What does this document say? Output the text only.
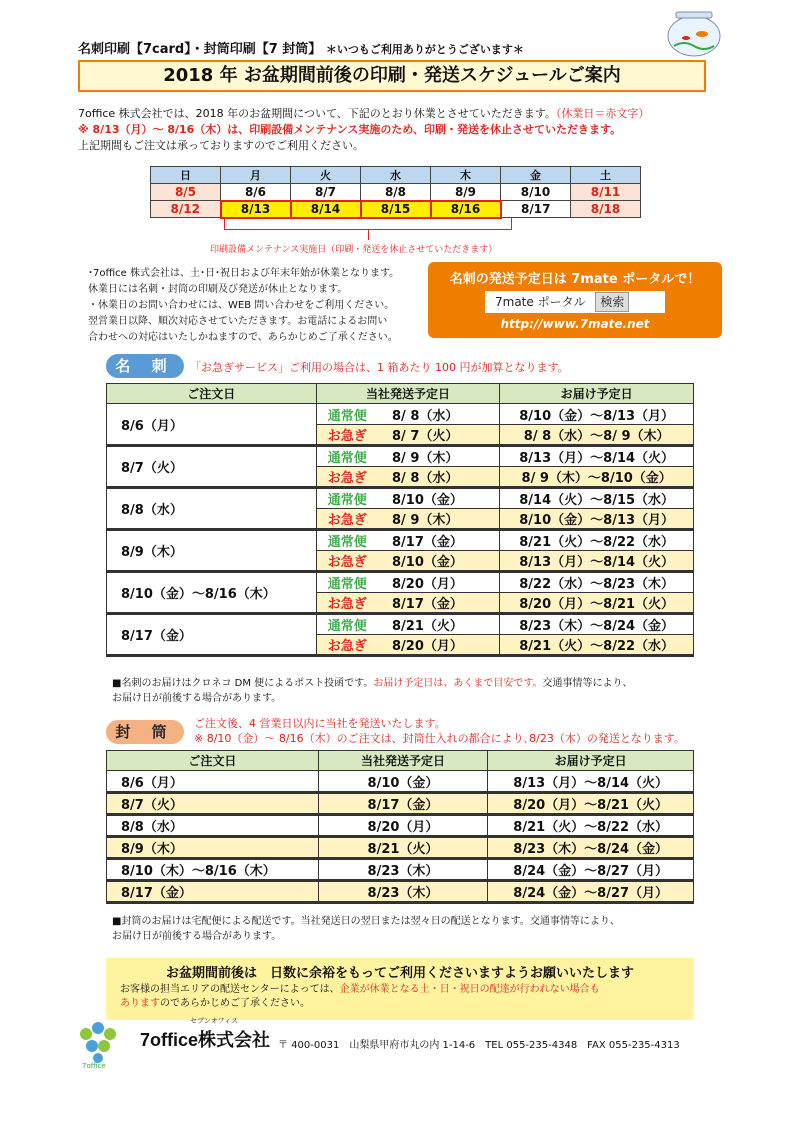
名刺印刷【7card】・封筒印刷【7 封筒】 ＊いつもご利用ありがとうございます＊
2018 年 お盆期間前後の印刷・発送スケジュールご案内
7office 株式会社では、2018 年のお盆期間について、下記のとおり休業とさせていただきます。（休業日＝赤文字）
※ 8/13（月）～ 8/16（木）は、印刷設備メンテナンス実施のため、印刷・発送を休止させていただきます。
上記期間もご注文は承っておりますのでご利用ください。
日	月	火	水	木	金	土
8/5	8/6	8/7	8/8	8/9	8/10	8/11
8/12	8/13	8/14	8/15	8/16	8/17	8/18
印刷設備メンテナンス実施日（印刷・発送を休止させていただきます）
･7office 株式会社は、土･日･祝日および年末年始が休業となります。
休業日には名刺・封筒の印刷及び発送が休止となります。
・休業日のお問い合わせには、WEB 問い合わせをご利用ください。
翌営業日以降、順次対応させていただきます。お電話によるお問い
合わせへの対応はいたしかねますので、あらかじめご了承ください。
名刺の発送予定日は 7mate ポータルで！
7mate ポータル 検索
http://www.7mate.net
名 刺	「お急ぎサービス」ご利用の場合は、1 箱あたり 100 円が加算となります。
ご注文日	当社発送予定日		お届け予定日
8/6（月）	通常便	8/ 8（水）	8/10（金）～8/13（月）
	お急ぎ	8/ 7（火）	8/ 8（水）～8/ 9（木）
8/7（火）	通常便	8/ 9（木）	8/13（月）～8/14（火）
	お急ぎ	8/ 8（水）	8/ 9（木）～8/10（金）
8/8（水）	通常便	8/10（金）	8/14（火）～8/15（水）
	お急ぎ	8/ 9（木）	8/10（金）～8/13（月）
8/9（木）	通常便	8/17（金）	8/21（火）～8/22（水）
	お急ぎ	8/10（金）	8/13（月）～8/14（火）
8/10（金）～8/16（木）	通常便	8/20（月）	8/22（水）～8/23（木）
	お急ぎ	8/17（金）	8/20（月）～8/21（火）
8/17（金）	通常便	8/21（火）	8/23（木）～8/24（金）
	お急ぎ	8/20（月）	8/21（火）～8/22（水）
■名刺のお届けはクロネコ DM 便によるポスト投函です。お届け予定日は、あくまで目安です。交通事情等により、
お届け日が前後する場合があります。
封 筒	ご注文後、4 営業日以内に当社を発送いたします。
※ 8/10（金）～ 8/16（木）のご注文は、封筒仕入れの都合により､8/23（木）の発送となります。
ご注文日	当社発送予定日	お届け予定日
8/6（月）	8/10（金）	8/13（月）～8/14（火）
8/7（火）	8/17（金）	8/20（月）～8/21（火）
8/8（水）	8/20（月）	8/21（火）～8/22（水）
8/9（木）	8/21（火）	8/23（木）～8/24（金）
8/10（木）～8/16（木）	8/23（木）	8/24（金）～8/27（月）
8/17（金）	8/23（木）	8/24（金）～8/27（月）
■封筒のお届けは宅配便による配送です。当社発送日の翌日または翌々日の配送となります。交通事情等により、
お届け日が前後する場合があります。
お盆期間前後は　日数に余裕をもってご利用くださいますようお願いいたします
お客様の担当エリアの配送センターによっては、企業が休業となる土・日・祝日の配達が行われない場合も
ありますのであらかじめご了承ください。
7office株式会社
セブンオフィス
7office
〒 400-0031　山梨県甲府市丸の内 1-14-6　TEL 055-235-4348　FAX 055-235-4313
